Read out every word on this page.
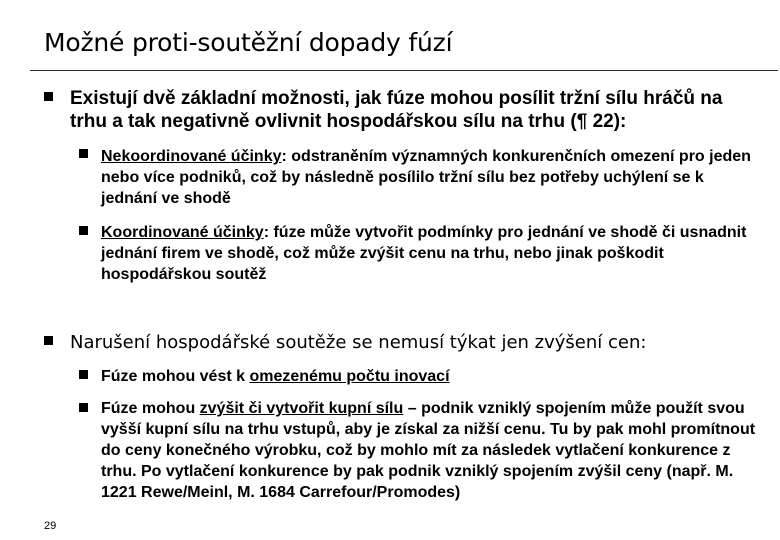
Možné proti-soutěžní dopady fúzí
Existují dvě základní možnosti, jak fúze mohou posílit tržní sílu hráčů na trhu a tak negativně ovlivnit hospodářskou sílu na trhu (¶ 22):
Nekoordinované účinky: odstraněním významných konkurenčních omezení pro jeden nebo více podniků, což by následně posílilo tržní sílu bez potřeby uchýlení se k jednání ve shodě
Koordinované účinky: fúze může vytvořit podmínky pro jednání ve shodě či usnadnit jednání firem ve shodě, což může zvýšit cenu na trhu, nebo jinak poškodit hospodářskou soutěž
Narušení hospodářské soutěže se nemusí týkat jen zvýšení cen:
Fúze mohou vést k omezenému počtu inovací
Fúze mohou zvýšit či vytvořit kupní sílu – podnik vzniklý spojením může použít svou vyšší kupní sílu na trhu vstupů, aby je získal za nižší cenu. Tu by pak mohl promítnout do ceny konečného výrobku, což by mohlo mít za následek vytlačení konkurence z trhu. Po vytlačení konkurence by pak podnik vzniklý spojením zvýšil ceny (např. M. 1221 Rewe/Meinl, M. 1684 Carrefour/Promodes)
29
